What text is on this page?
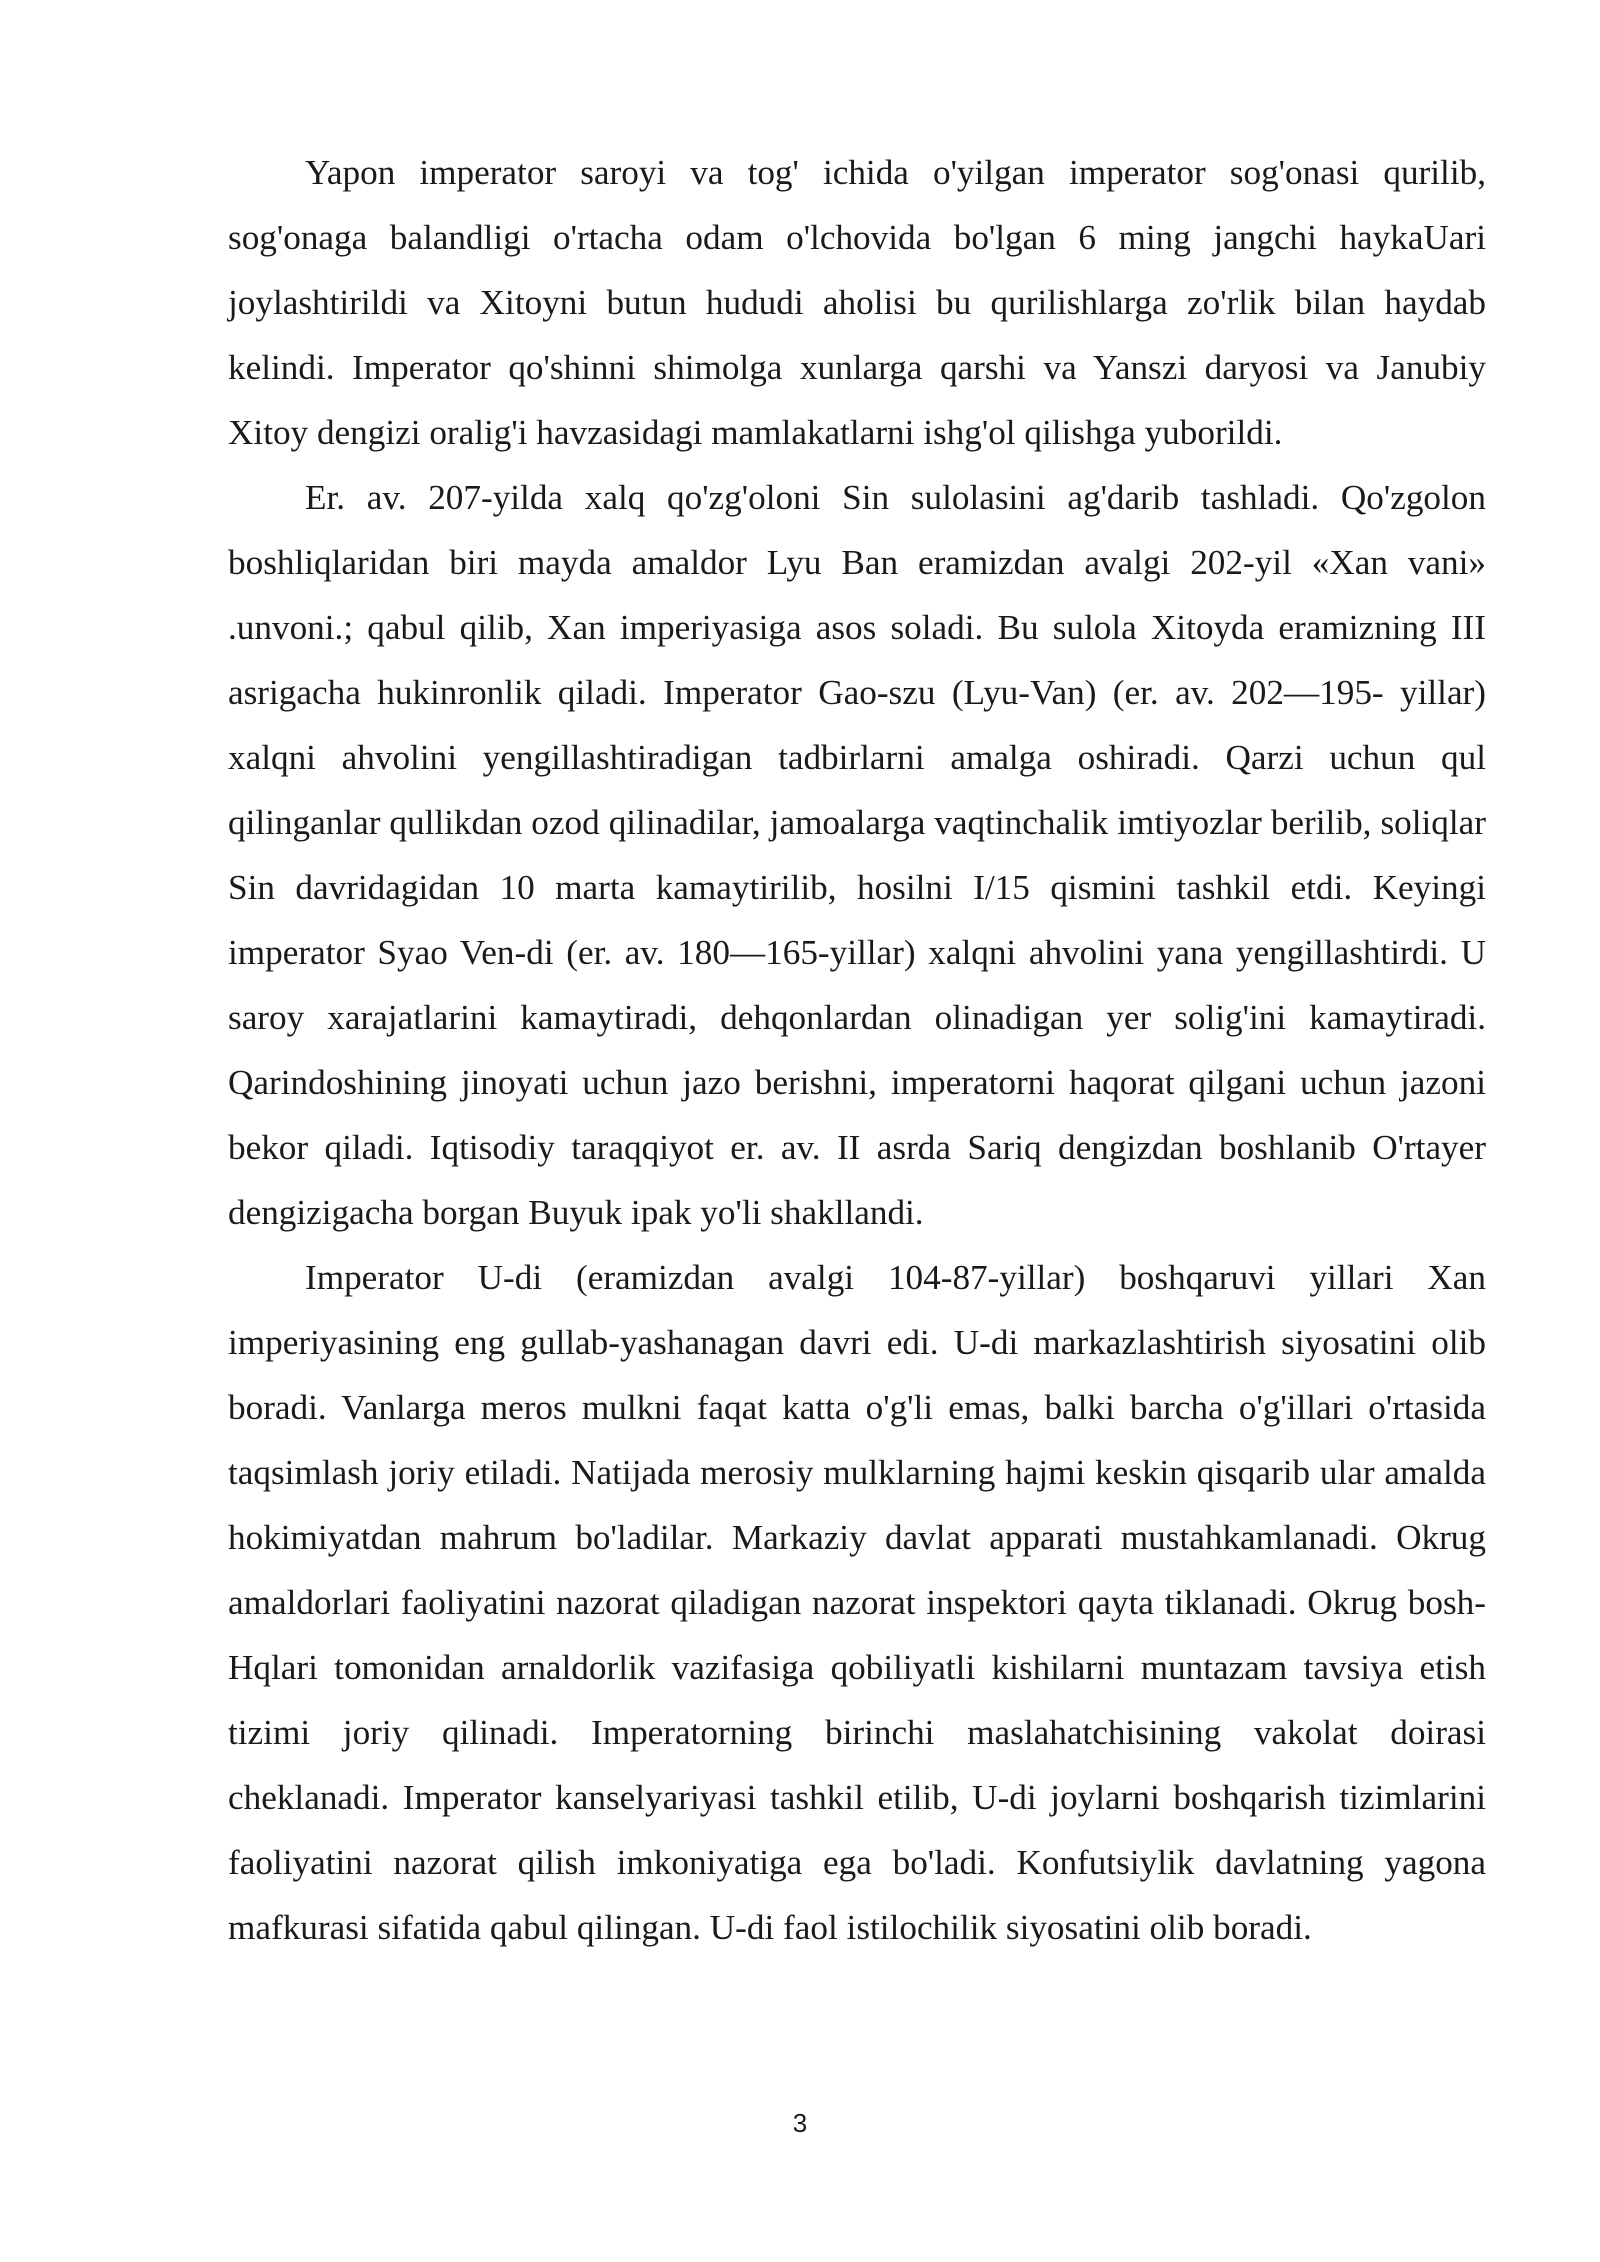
Yapon imperator saroyi va tog' ichida o'yilgan imperator sog'onasi qurilib, sog'onaga balandligi o'rtacha odam o'lchovida bo'lgan 6 ming jangchi haykaUari joylashtirildi va Xitoyni butun hududi aholisi bu qurilishlarga zo'rlik bilan haydab kelindi. Imperator qo'shinni shimolga xunlarga qarshi va Yanszi daryosi va Janubiy Xitoy dengizi oralig'i havzasidagi mamlakatlarni ishg'ol qilishga yuborildi.

Er. av. 207-yilda xalq qo'zg'oloni Sin sulolasini ag'darib tashladi. Qo'zgolon boshliqlaridan biri mayda amaldor Lyu Ban eramizdan avalgi 202-yil «Xan vani» .unvoni.; qabul qilib, Xan imperiyasiga asos soladi. Bu sulola Xitoyda eramizning III asrigacha hukinronlik qiladi. Imperator Gao-szu (Lyu-Van) (er. av. 202—195- yillar) xalqni ahvolini yengillashtiradigan tadbirlarni amalga oshiradi. Qarzi uchun qul qilinganlar qullikdan ozod qilinadilar, jamoalarga vaqtinchalik imtiyozlar berilib, soliqlar Sin davridagidan 10 marta kamaytirilib, hosilni I/15 qismini tashkil etdi. Keyingi imperator Syao Ven-di (er. av. 180—165-yillar) xalqni ahvolini yana yengillashtirdi. U saroy xarajatlarini kamaytiradi, dehqonlardan olinadigan yer solig'ini kamaytiradi. Qarindoshining jinoyati uchun jazo berishni, imperatorni haqorat qilgani uchun jazoni bekor qiladi. Iqtisodiy taraqqiyot er. av. II asrda Sariq dengizdan boshlanib O'rtayer dengizigacha borgan Buyuk ipak yo'li shakllandi.

Imperator U-di (eramizdan avalgi 104-87-yillar) boshqaruvi yillari Xan imperiyasining eng gullab-yashanagan davri edi. U-di markazlashtirish siyosatini olib boradi. Vanlarga meros mulkni faqat katta o'g'li emas, balki barcha o'g'illari o'rtasida taqsimlash joriy etiladi. Natijada merosiy mulklarning hajmi keskin qisqarib ular amalda hokimiyatdan mahrum bo'ladilar. Markaziy davlat apparati mustahkamlanadi. Okrug amaldorlari faoliyatini nazorat qiladigan nazorat inspektori qayta tiklanadi. Okrug bosh- Hqlari tomonidan arnaldorlik vazifasiga qobiliyatli kishilarni muntazam tavsiya etish tizimi joriy qilinadi. Imperatorning birinchi maslahatchisining vakolat doirasi cheklanadi. Imperator kanselyariyasi tashkil etilib, U-di joylarni boshqarish tizimlarini faoliyatini nazorat qilish imkoniyatiga ega bo'ladi. Konfutsiylik davlatning yagona mafkurasi sifatida qabul qilingan. U-di faol istilochilik siyosatini olib boradi.

3
